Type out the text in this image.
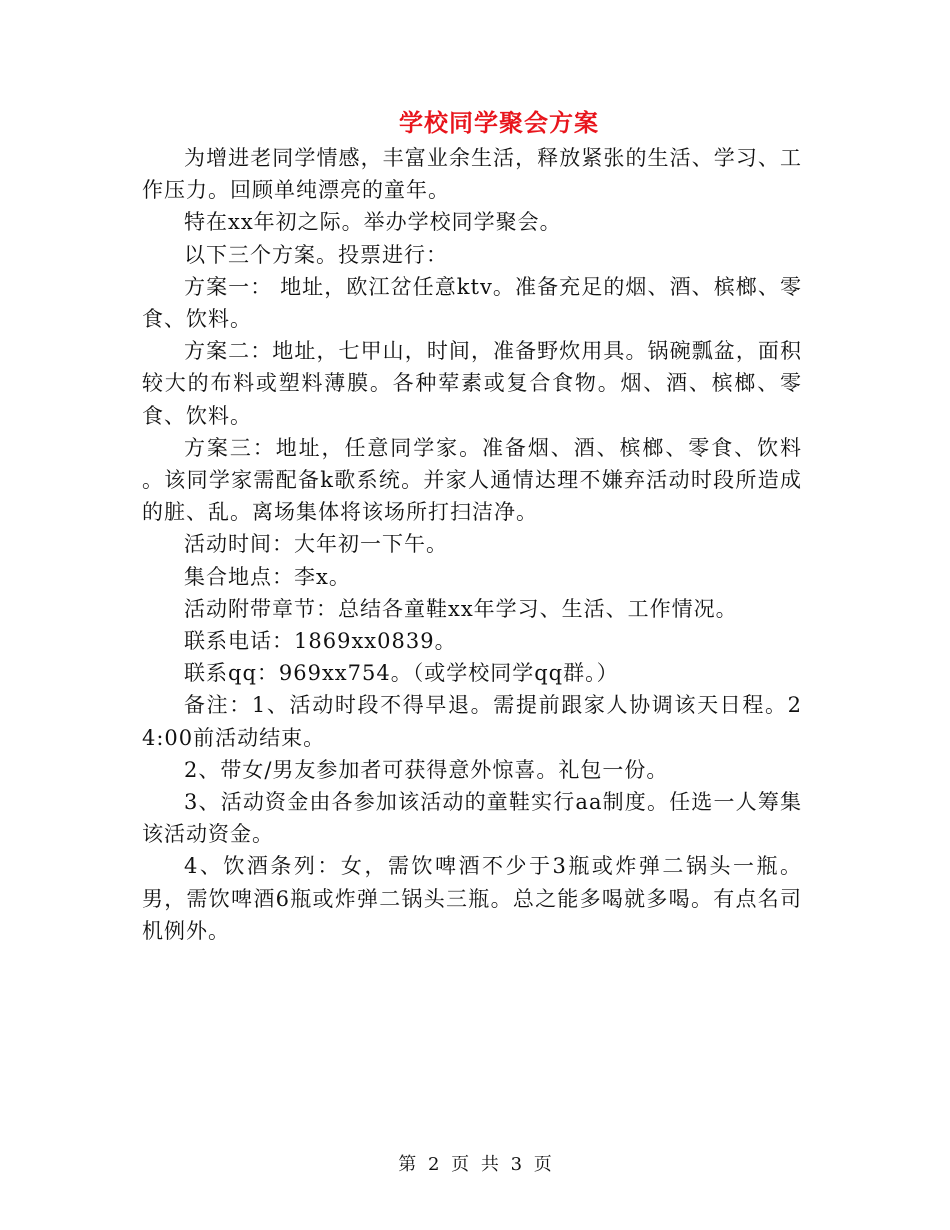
学校同学聚会方案

为增进老同学情感，丰富业余生活，释放紧张的生活、学习、工作压力。回顾单纯漂亮的童年。

特在xx年初之际。举办学校同学聚会。

以下三个方案。投票进行：

方案一： 地址，欧江岔任意ktv。准备充足的烟、酒、槟榔、零食、饮料。

方案二：地址，七甲山，时间，准备野炊用具。锅碗瓢盆，面积较大的布料或塑料薄膜。各种荤素或复合食物。烟、酒、槟榔、零食、饮料。

方案三：地址，任意同学家。准备烟、酒、槟榔、零食、饮料 。该同学家需配备k歌系统。并家人通情达理不嫌弃活动时段所造成的脏、乱。离场集体将该场所打扫洁净。

活动时间：大年初一下午。

集合地点：李x。

活动附带章节：总结各童鞋xx年学习、生活、工作情况。

联系电话：1869xx0839。

联系qq：969xx754。（或学校同学qq群。）

备注：1、活动时段不得早退。需提前跟家人协调该天日程。24:00前活动结束。

2、带女/男友参加者可获得意外惊喜。礼包一份。

3、活动资金由各参加该活动的童鞋实行aa制度。任选一人筹集该活动资金。

4、饮酒条列：女，需饮啤酒不少于3瓶或炸弹二锅头一瓶。男，需饮啤酒6瓶或炸弹二锅头三瓶。总之能多喝就多喝。有点名司机例外。

第 2 页 共 3 页
